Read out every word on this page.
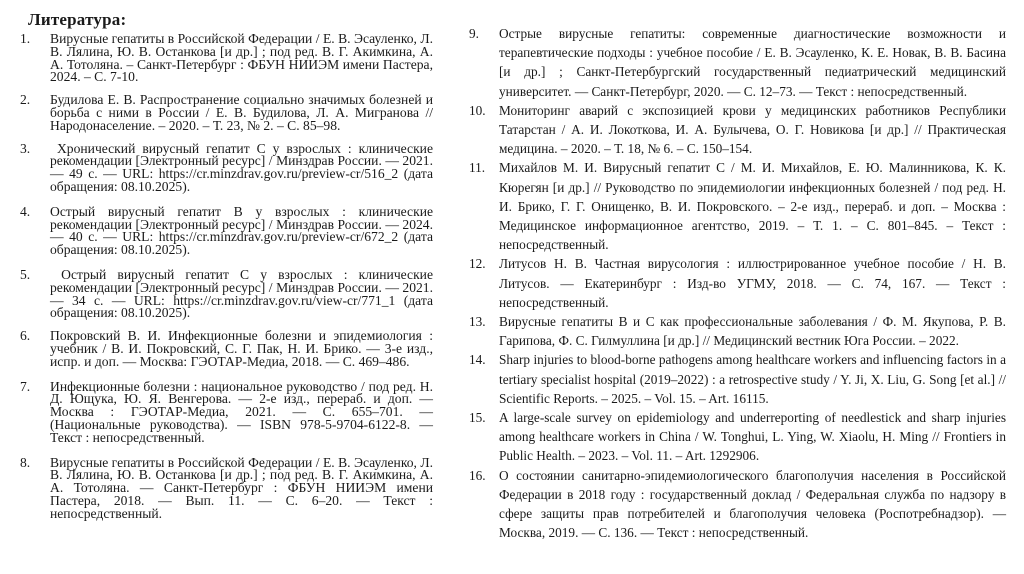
Литература:
1. Вирусные гепатиты в Российской Федерации / Е. В. Эсауленко, Л. В. Лялина, Ю. В. Останкова [и др.] ; под ред. В. Г. Акимкина, А. А. Тотоляна. – Санкт-Петербург : ФБУН НИИЭМ имени Пастера, 2024. – С. 7-10.
2. Будилова Е. В. Распространение социально значимых болезней и борьба с ними в России / Е. В. Будилова, Л. А. Мигранова // Народонаселение. – 2020. – Т. 23, № 2. – С. 85–98.
3. Хронический вирусный гепатит С у взрослых : клинические рекомендации [Электронный ресурс] / Минздрав России. — 2021. — 49 с. — URL: https://cr.minzdrav.gov.ru/preview-cr/516_2 (дата обращения: 08.10.2025).
4. Острый вирусный гепатит В у взрослых : клинические рекомендации [Электронный ресурс] / Минздрав России. — 2024. — 40 с. — URL: https://cr.minzdrav.gov.ru/preview-cr/672_2 (дата обращения: 08.10.2025).
5. Острый вирусный гепатит С у взрослых : клинические рекомендации [Электронный ресурс] / Минздрав России. — 2021. — 34 с. — URL: https://cr.minzdrav.gov.ru/view-cr/771_1 (дата обращения: 08.10.2025).
6. Покровский В. И. Инфекционные болезни и эпидемиология : учебник / В. И. Покровский, С. Г. Пак, Н. И. Брико. — 3-е изд., испр. и доп. — Москва: ГЭОТАР-Медиа, 2018. — С. 469–486.
7. Инфекционные болезни : национальное руководство / под ред. Н. Д. Ющука, Ю. Я. Венгерова. — 2-е изд., перераб. и доп. — Москва : ГЭОТАР-Медиа, 2021. — С. 655–701. — (Национальные руководства). — ISBN 978-5-9704-6122-8. — Текст : непосредственный.
8. Вирусные гепатиты в Российской Федерации / Е. В. Эсауленко, Л. В. Лялина, Ю. В. Останкова [и др.] ; под ред. В. Г. Акимкина, А. А. Тотоляна. — Санкт-Петербург : ФБУН НИИЭМ имени Пастера, 2018. — Вып. 11. — С. 6–20. — Текст : непосредственный.
9. Острые вирусные гепатиты: современные диагностические возможности и терапевтические подходы : учебное пособие / Е. В. Эсауленко, К. Е. Новак, В. В. Басина [и др.] ; Санкт-Петербургский государственный педиатрический медицинский университет. — Санкт-Петербург, 2020. — С. 12–73. — Текст : непосредственный.
10. Мониторинг аварий с экспозицией крови у медицинских работников Республики Татарстан / А. И. Локоткова, И. А. Булычева, О. Г. Новикова [и др.] // Практическая медицина. – 2020. – Т. 18, № 6. – С. 150–154.
11. Михайлов М. И. Вирусный гепатит С / М. И. Михайлов, Е. Ю. Малинникова, К. К. Кюрегян [и др.] // Руководство по эпидемиологии инфекционных болезней / под ред. Н. И. Брико, Г. Г. Онищенко, В. И. Покровского. – 2-е изд., перераб. и доп. – Москва : Медицинское информационное агентство, 2019. – Т. 1. – С. 801–845. – Текст : непосредственный.
12. Литусов Н. В. Частная вирусология : иллюстрированное учебное пособие / Н. В. Литусов. — Екатеринбург : Изд-во УГМУ, 2018. — С. 74, 167. — Текст : непосредственный.
13. Вирусные гепатиты В и С как профессиональные заболевания / Ф. М. Якупова, Р. В. Гарипова, Ф. С. Гилмуллина [и др.] // Медицинский вестник Юга России. – 2022.
14. Sharp injuries to blood-borne pathogens among healthcare workers and influencing factors in a tertiary specialist hospital (2019–2022) : a retrospective study / Y. Ji, X. Liu, G. Song [et al.] // Scientific Reports. – 2025. – Vol. 15. – Art. 16115.
15. A large-scale survey on epidemiology and underreporting of needlestick and sharp injuries among healthcare workers in China / W. Tonghui, L. Ying, W. Xiaolu, H. Ming // Frontiers in Public Health. – 2023. – Vol. 11. – Art. 1292906.
16. О состоянии санитарно-эпидемиологического благополучия населения в Российской Федерации в 2018 году : государственный доклад / Федеральная служба по надзору в сфере защиты прав потребителей и благополучия человека (Роспотребнадзор). — Москва, 2019. — С. 136. — Текст : непосредственный.
